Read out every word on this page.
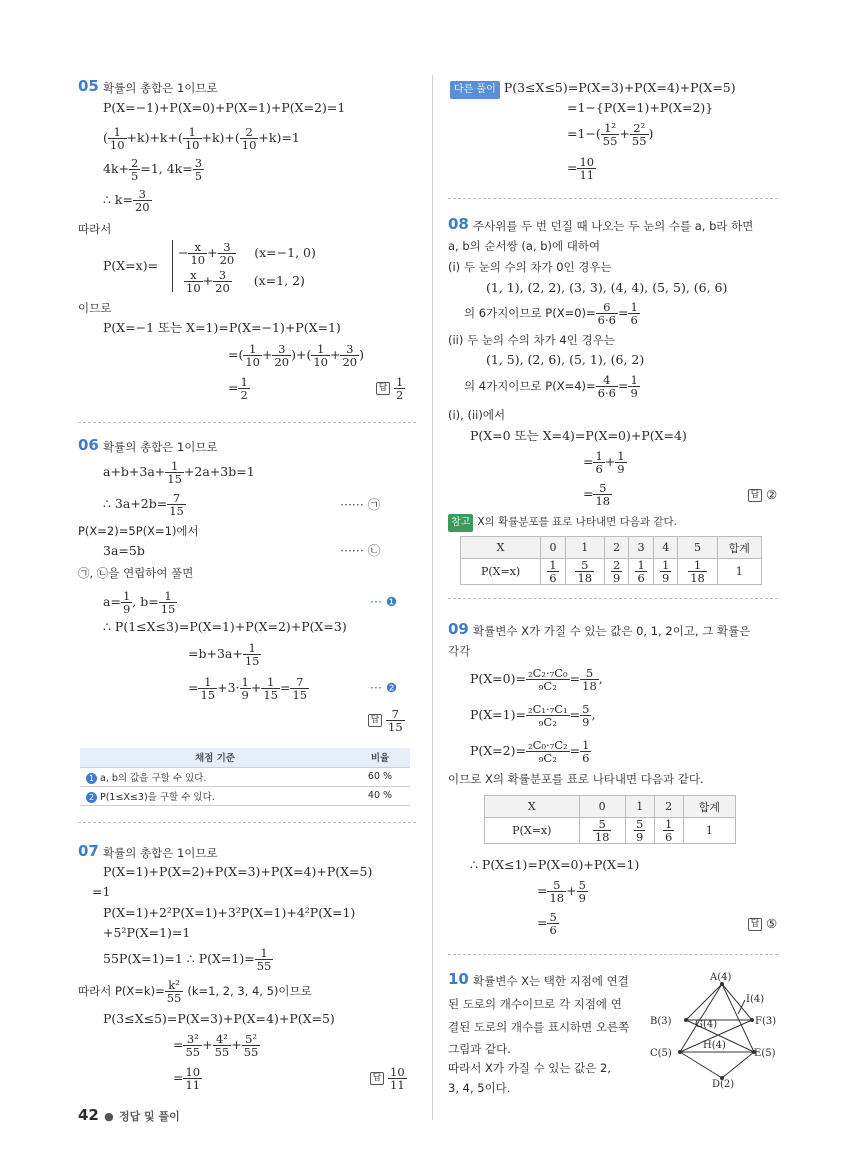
05 확률의 총합은 1이므로
P(X=−1)+P(X=0)+P(X=1)+P(X=2)=1
( $\frac{1}{10} +k)+k+( \frac{1}{10} +k)+( \frac{2}{10} +k)=1$
$4k+ \frac{2}{5} =1$, $4k= \frac{3}{5}$
∴ $k= \frac{3}{20}$
따라서
P(X=x)=
− $\frac{x}{10} + \frac{3}{20} (x=-1$, 0)
$\frac{x}{10} + \frac{3}{20} (x=1$, 2)
이므로
P(X=−1 또는 X=1)=P(X=−1)+P(X=1)
=( $\frac{1}{10} + \frac{3}{20}$ )+( $\frac{1}{10} + \frac{3}{20}$ )
= $\frac{1}{2}$	답 $\frac{1}{2}$
06 확률의 총합은 1이므로
$a+b+3a+ \frac{1}{15} +2a+3b=1$
∴ $3a+2b= \frac{7}{15}$	······ ㉠
P(X=2)=5P(X=1)에서
3a=5b	······ ㉡
㉠, ㉡을 연립하여 풀면
$a= \frac{1}{9}$ , $b= \frac{1}{15}$	··· ❶
∴ P(1≤X≤3)=P(X=1)+P(X=2)+P(X=3)
$=b+3a+ \frac{1}{15}$
= $\frac{1}{15} +3\cdot \frac{1}{9} + \frac{1}{15} = \frac{7}{15}$	··· ❷
답 $\frac{7}{15}$
채점 기준	비율
1 a, b의 값을 구할 수 있다.	60 %
2 P(1≤X≤3)을 구할 수 있다.	40 %
07 확률의 총합은 1이므로
P(X=1)+P(X=2)+P(X=3)+P(X=4)+P(X=5)
=1
P(X=1)+2²P(X=1)+3²P(X=1)+4²P(X=1)
+5²P(X=1)=1
55P(X=1)=1 ∴ $P(X=1)= \frac{1}{55}$
따라서 $P(X=k)= \frac{\text{k²}}{55} (k=1$, 2, 3, 4, 5)이므로
P(3≤X≤5)=P(X=3)+P(X=4)+P(X=5)
= $\frac{\text{3²}}{55} + \frac{\text{4²}}{55} + \frac{\text{5²}}{55}$
= $\frac{10}{11}$	답 $\frac{10}{11}$
다른 풀이 P(3≤X≤5)=P(X=3)+P(X=4)+P(X=5)
=1−{P(X=1)+P(X=2)}
$=1-( \frac{\text{1²}}{55} + \frac{\text{2²}}{55}$ )
= $\frac{10}{11}$
08 주사위를 두 번 던질 때 나오는 두 눈의 수를 a, b라 하면
a, b의 순서쌍 (a, b)에 대하여
(i) 두 눈의 수의 차가 0인 경우는
(1, 1), (2, 2), (3, 3), (4, 4), (5, 5), (6, 6)
의 6가지이므로 $P(X=0)= \frac{6}{6\cdot 6} = \frac{1}{6}$
(ii) 두 눈의 수의 차가 4인 경우는
(1, 5), (2, 6), (5, 1), (6, 2)
의 4가지이므로 $P(X=4)= \frac{4}{6\cdot 6} = \frac{1}{9}$
(i), (ii)에서
P(X=0 또는 X=4)=P(X=0)+P(X=4)
= $\frac{1}{6} + \frac{1}{9}$
= $\frac{5}{18}$	답 ②
참고 X의 확률분포를 표로 나타내면 다음과 같다.
X	0	1	2	3	4	5	합계
P(X=x)	$\frac{1}{6}$	$\frac{5}{18}$	$\frac{2}{9}$	$\frac{1}{6}$	$\frac{1}{9}$	$\frac{1}{18}$	1
09 확률변수 X가 가질 수 있는 값은 0, 1, 2이고, 그 확률은
각각
$P(X=0)= \frac{\text{₂C₂·₇C₀}}{\text{₉C₂}} = \frac{5}{18}$ ,
$P(X=1)= \frac{\text{₂C₁·₇C₁}}{\text{₉C₂}} = \frac{5}{9}$ ,
$P(X=2)= \frac{\text{₂C₀·₇C₂}}{\text{₉C₂}} = \frac{1}{6}$
이므로 X의 확률분포를 표로 나타내면 다음과 같다.
X	0	1	2	합계
P(X=x)	$\frac{5}{18}$	$\frac{5}{9}$	$\frac{1}{6}$	1
∴ P(X≤1)=P(X=0)+P(X=1)
= $\frac{5}{18} + \frac{5}{9}$
= $\frac{5}{6}$	답 ⑤
10 확률변수 X는 택한 지점에 연결
된 도로의 개수이므로 각 지점에 연
결된 도로의 개수를 표시하면 오른쪽
그림과 같다.
따라서 X가 가질 수 있는 값은 2,
3, 4, 5이다.
A(4)
B(3)	F(3)
C(5)	E(5)
D(2)
G(4)
H(4)
I(4)
42 ● 정답 및 풀이
